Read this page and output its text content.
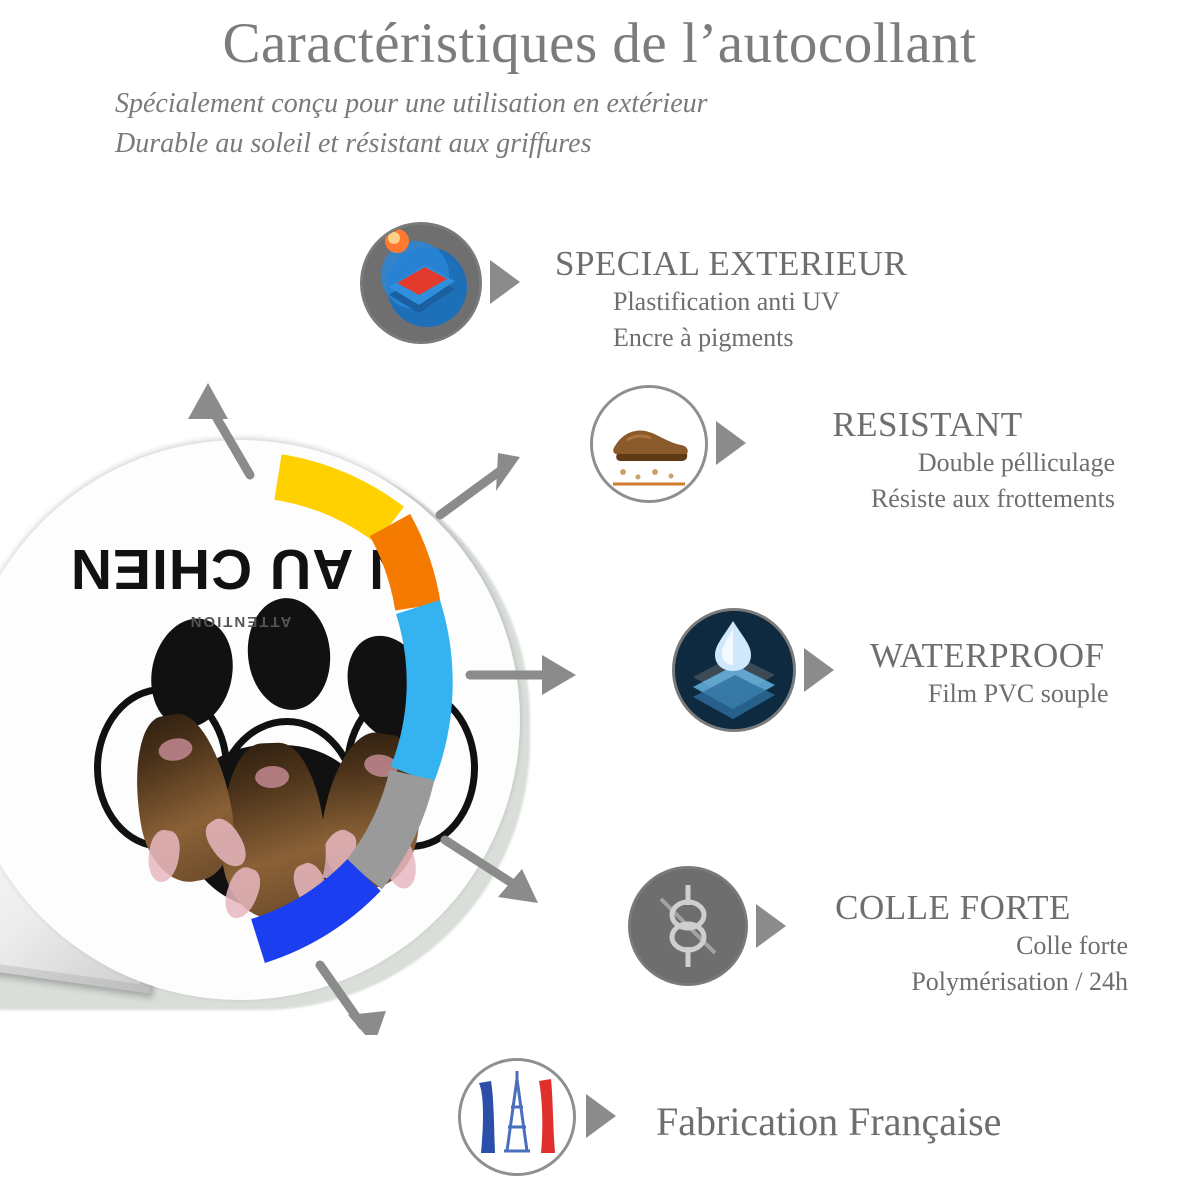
Caractéristiques de l’autocollant
Spécialement conçu pour une utilisation en extérieur
Durable au soleil et résistant aux griffures
ATTENTION
N AU CHIEN
SPECIAL EXTERIEUR
Plastification anti UV
Encre à pigments
RESISTANT
Double pélliculage
Résiste aux frottements
WATERPROOF
Film PVC souple
COLLE FORTE
Colle forte
Polymérisation / 24h
Fabrication Française
